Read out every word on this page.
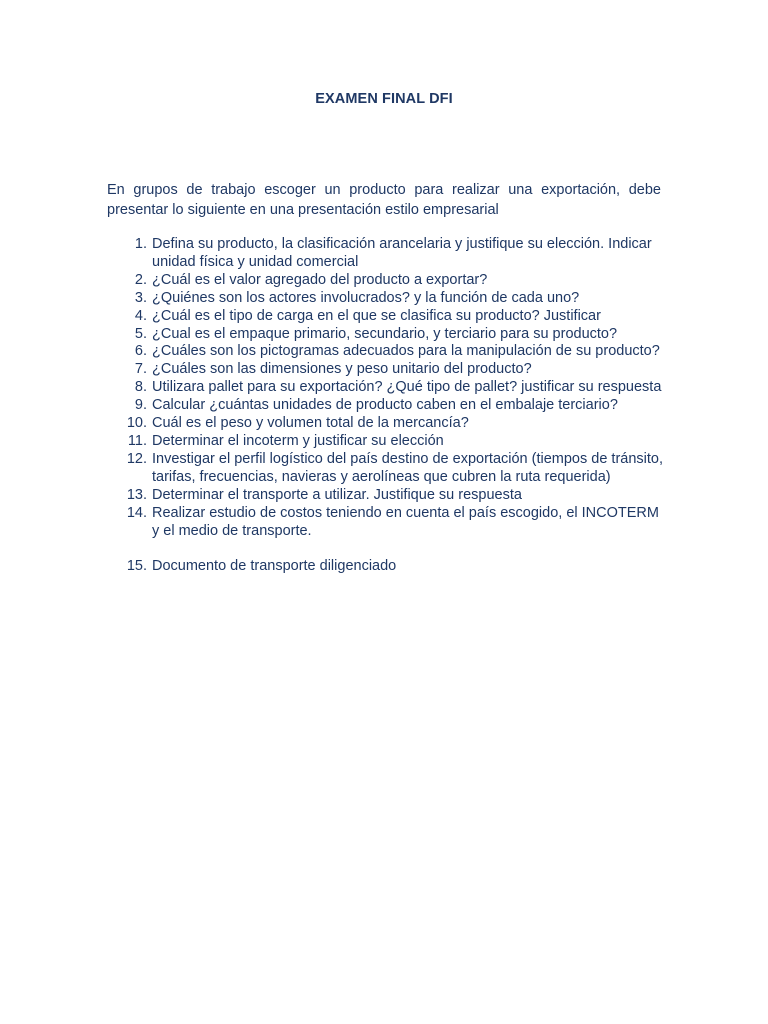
EXAMEN FINAL DFI
En grupos de trabajo escoger un producto para realizar una exportación, debe presentar lo siguiente en una presentación estilo empresarial
1. Defina su producto, la clasificación arancelaria y justifique su elección. Indicar unidad física y unidad comercial
2. ¿Cuál es el valor agregado del producto a exportar?
3. ¿Quiénes son los actores involucrados? y la función de cada uno?
4. ¿Cuál es el tipo de carga en el que se clasifica su producto? Justificar
5. ¿Cual es el empaque primario, secundario, y terciario para su producto?
6. ¿Cuáles son los pictogramas adecuados para la manipulación de su producto?
7. ¿Cuáles son las dimensiones y peso unitario del producto?
8. Utilizara pallet para su exportación? ¿Qué tipo de pallet? justificar su respuesta
9. Calcular ¿cuántas unidades de producto caben en el embalaje terciario?
10. Cuál es el peso y volumen total de la mercancía?
11. Determinar el incoterm y justificar su elección
12. Investigar el perfil logístico del país destino de exportación (tiempos de tránsito, tarifas, frecuencias, navieras y aerolíneas que cubren la ruta requerida)
13. Determinar el transporte a utilizar. Justifique su respuesta
14. Realizar estudio de costos teniendo en cuenta el país escogido, el INCOTERM y el medio de transporte.
15. Documento de transporte diligenciado
